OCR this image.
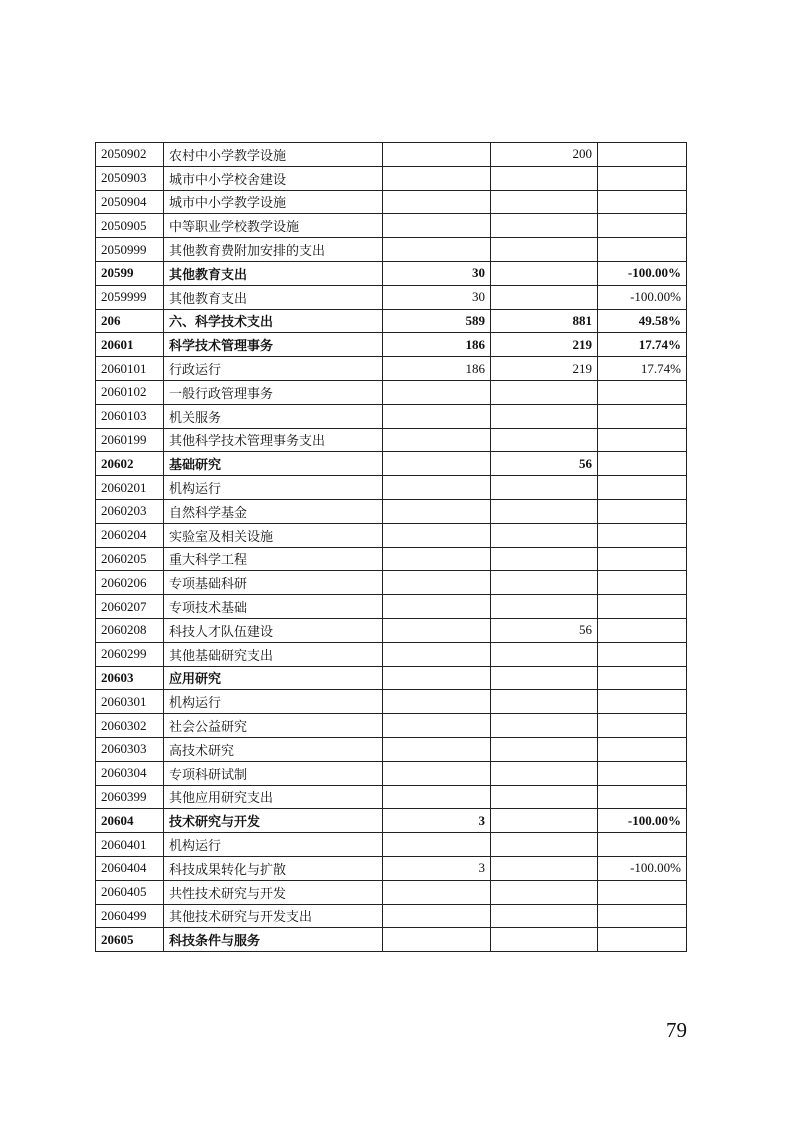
2050902	农村中小学教学设施		200	
2050903	城市中小学校舍建设			
2050904	城市中小学教学设施			
2050905	中等职业学校教学设施			
2050999	其他教育费附加安排的支出			
20599	其他教育支出	30		-100.00%
2059999	其他教育支出	30		-100.00%
206	六、科学技术支出	589	881	49.58%
20601	科学技术管理事务	186	219	17.74%
2060101	行政运行	186	219	17.74%
2060102	一般行政管理事务			
2060103	机关服务			
2060199	其他科学技术管理事务支出			
20602	基础研究		56	
2060201	机构运行			
2060203	自然科学基金			
2060204	实验室及相关设施			
2060205	重大科学工程			
2060206	专项基础科研			
2060207	专项技术基础			
2060208	科技人才队伍建设		56	
2060299	其他基础研究支出			
20603	应用研究			
2060301	机构运行			
2060302	社会公益研究			
2060303	高技术研究			
2060304	专项科研试制			
2060399	其他应用研究支出			
20604	技术研究与开发	3		-100.00%
2060401	机构运行			
2060404	科技成果转化与扩散	3		-100.00%
2060405	共性技术研究与开发			
2060499	其他技术研究与开发支出			
20605	科技条件与服务			
79
